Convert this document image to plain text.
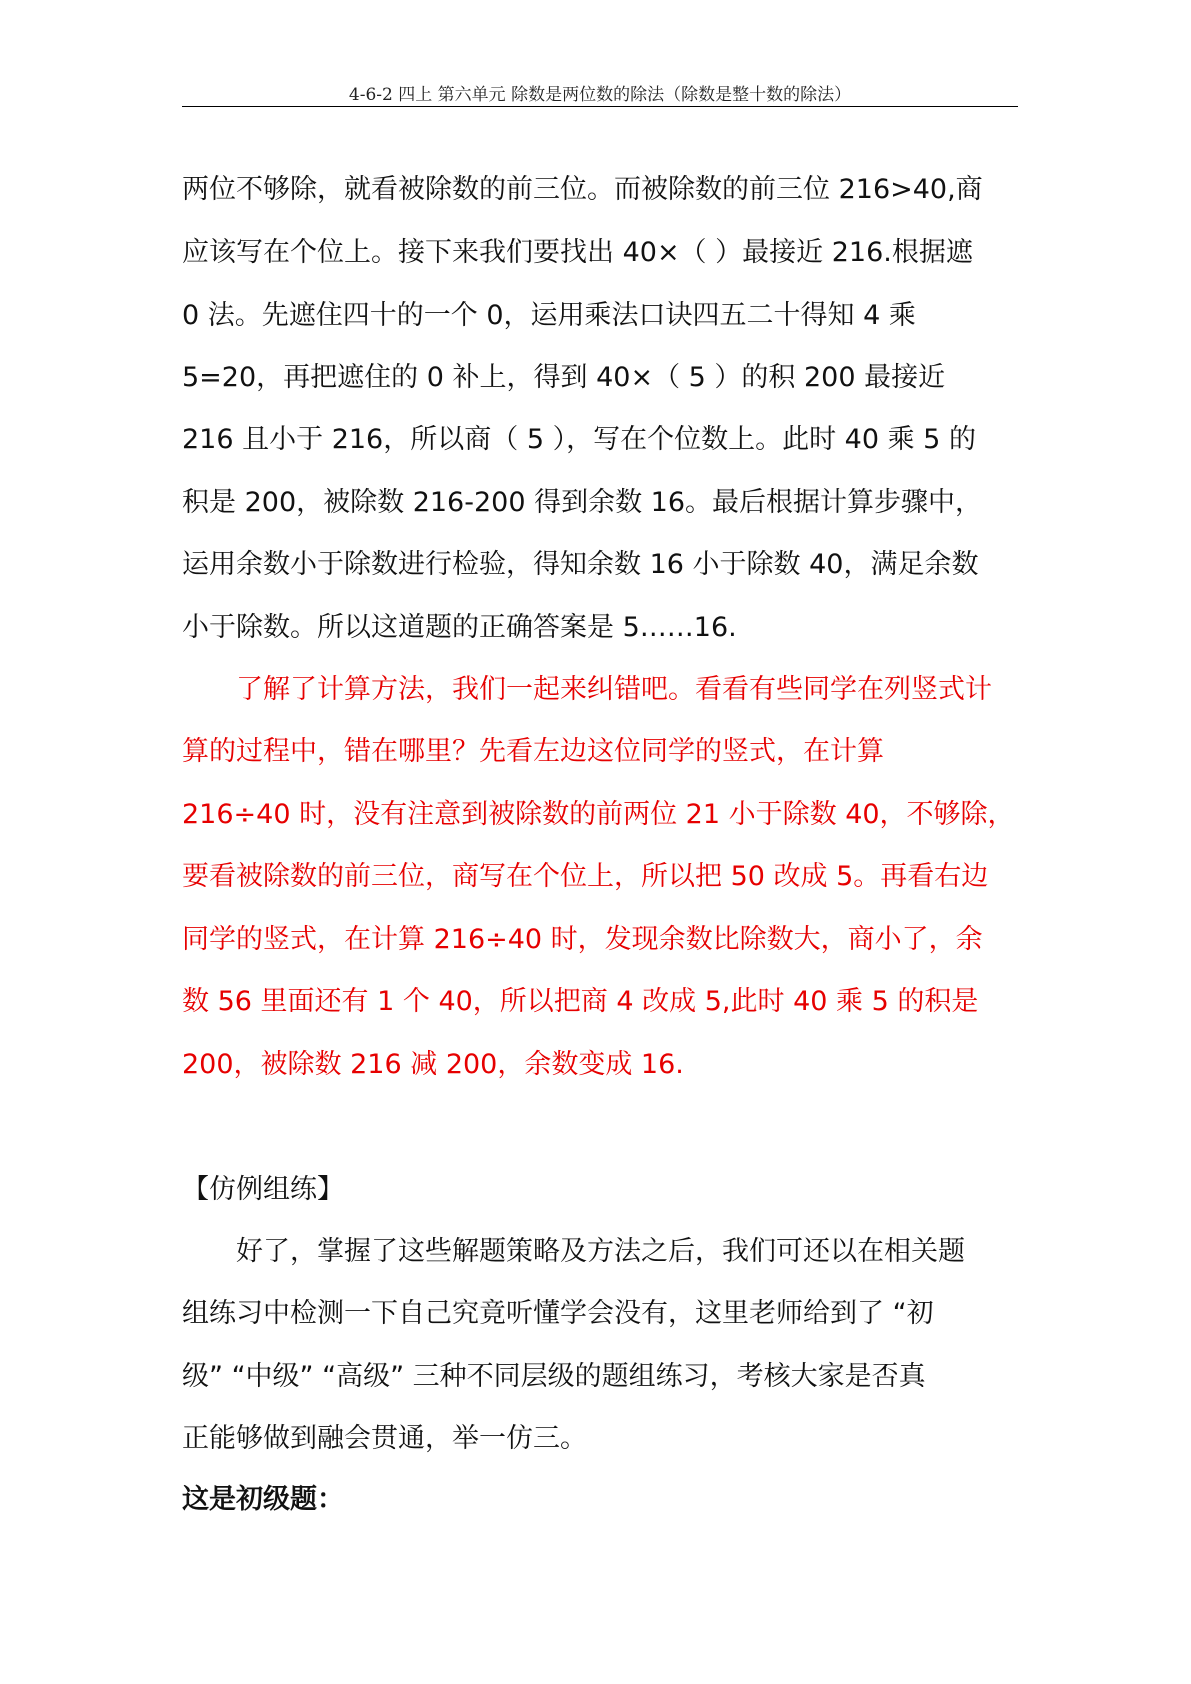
4-6-2 四上 第六单元 除数是两位数的除法（除数是整十数的除法）
两位不够除，就看被除数的前三位。而被除数的前三位 216>40,商
应该写在个位上。接下来我们要找出 40×（ ）最接近 216.根据遮
0 法。先遮住四十的一个 0，运用乘法口诀四五二十得知 4 乘
5=20，再把遮住的 0 补上，得到 40×（ 5 ）的积 200 最接近
216 且小于 216，所以商（ 5 ），写在个位数上。此时 40 乘 5 的
积是 200，被除数 216-200 得到余数 16。最后根据计算步骤中，
运用余数小于除数进行检验，得知余数 16 小于除数 40，满足余数
小于除数。所以这道题的正确答案是 5……16.
了解了计算方法，我们一起来纠错吧。看看有些同学在列竖式计
算的过程中，错在哪里？先看左边这位同学的竖式，在计算
216÷40 时，没有注意到被除数的前两位 21 小于除数 40，不够除，
要看被除数的前三位，商写在个位上，所以把 50 改成 5。再看右边
同学的竖式，在计算 216÷40 时，发现余数比除数大，商小了，余
数 56 里面还有 1 个 40，所以把商 4 改成 5,此时 40 乘 5 的积是
200，被除数 216 减 200，余数变成 16.
【仿例组练】
好了，掌握了这些解题策略及方法之后，我们可还以在相关题
组练习中检测一下自己究竟听懂学会没有，这里老师给到了 “初
级” “中级” “高级” 三种不同层级的题组练习，考核大家是否真
正能够做到融会贯通，举一仿三。
这是初级题：
